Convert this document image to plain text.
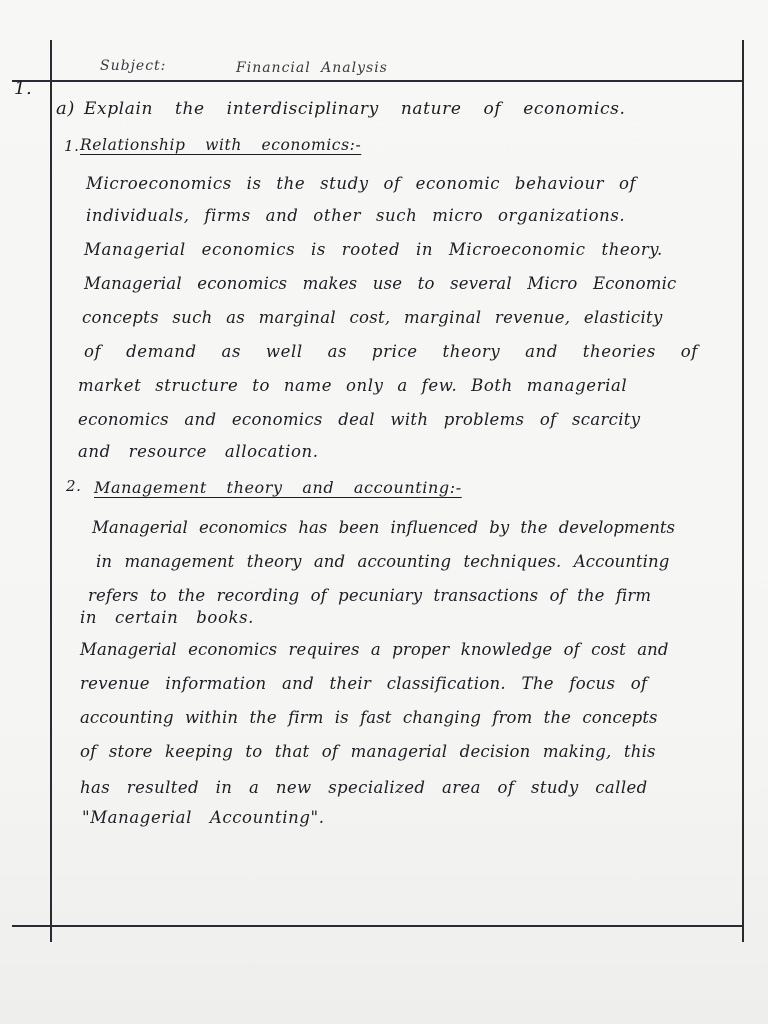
Subject:	Financial Analysis
1.
a) Explain the interdisciplinary nature of economics.
1. Relationship with economics:-
Microeconomics is the study of economic behaviour of
individuals, firms and other such micro organizations.
Managerial economics is rooted in Microeconomic theory.
Managerial economics makes use to several Micro Economic
concepts such as marginal cost, marginal revenue, elasticity
of demand as well as price theory and theories of
market structure to name only a few. Both managerial
economics and economics deal with problems of scarcity
and resource allocation.
2. Management theory and accounting:-
Managerial economics has been influenced by the developments
in management theory and accounting techniques. Accounting
refers to the recording of pecuniary transactions of the firm
in certain books.
Managerial economics requires a proper knowledge of cost and
revenue information and their classification. The focus of
accounting within the firm is fast changing from the concepts
of store keeping to that of managerial decision making, this
has resulted in a new specialized area of study called
"Managerial Accounting".
